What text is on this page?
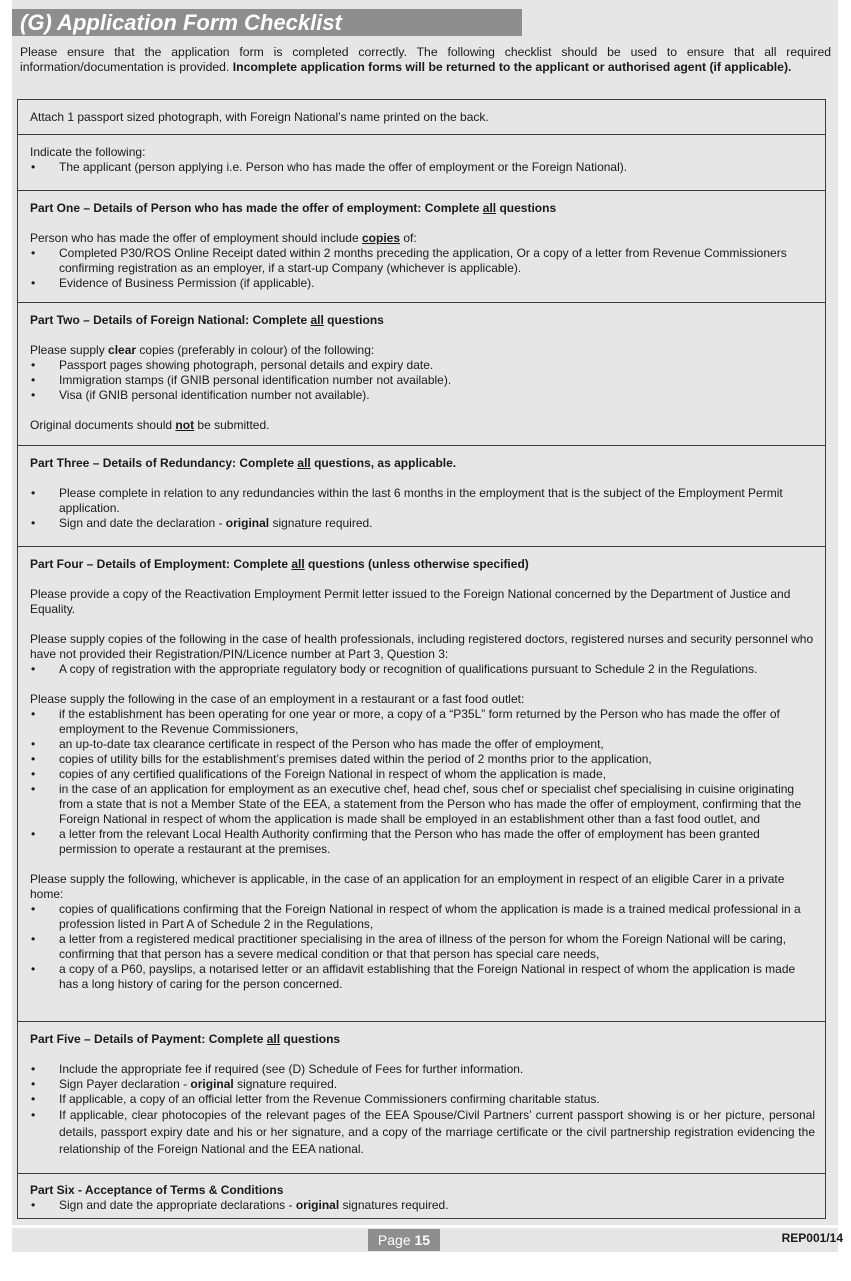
(G) Application Form Checklist
Please ensure that the application form is completed correctly. The following checklist should be used to ensure that all required information/documentation is provided. Incomplete application forms will be returned to the applicant or authorised agent (if applicable).

Attach 1 passport sized photograph, with Foreign National’s name printed on the back.

Indicate the following:

• The applicant (person applying i.e. Person who has made the offer of employment or the Foreign National).

Part One – Details of Person who has made the offer of employment: Complete all questions

Person who has made the offer of employment should include copies of:

• Completed P30/ROS Online Receipt dated within 2 months preceding the application, Or a copy of a letter from Revenue Commissioners confirming registration as an employer, if a start-up Company (whichever is applicable).
• Evidence of Business Permission (if applicable).

Part Two – Details of Foreign National: Complete all questions

Please supply clear copies (preferably in colour) of the following:

• Passport pages showing photograph, personal details and expiry date.
• Immigration stamps (if GNIB personal identification number not available).
• Visa (if GNIB personal identification number not available).

Original documents should not be submitted.

Part Three – Details of Redundancy: Complete all questions, as applicable.

• Please complete in relation to any redundancies within the last 6 months in the employment that is the subject of the Employment Permit application.
• Sign and date the declaration - original signature required.

Part Four – Details of Employment: Complete all questions (unless otherwise specified)

Please provide a copy of the Reactivation Employment Permit letter issued to the Foreign National concerned by the Department of Justice and Equality.

Please supply copies of the following in the case of health professionals, including registered doctors, registered nurses and security personnel who have not provided their Registration/PIN/Licence number at Part 3, Question 3:

• A copy of registration with the appropriate regulatory body or recognition of qualifications pursuant to Schedule 2 in the Regulations.

Please supply the following in the case of an employment in a restaurant or a fast food outlet:

• if the establishment has been operating for one year or more, a copy of a “P35L” form returned by the Person who has made the offer of employment to the Revenue Commissioners,
• an up-to-date tax clearance certificate in respect of the Person who has made the offer of employment,
• copies of utility bills for the establishment’s premises dated within the period of 2 months prior to the application,
• copies of any certified qualifications of the Foreign National in respect of whom the application is made,
• in the case of an application for employment as an executive chef, head chef, sous chef or specialist chef specialising in cuisine originating from a state that is not a Member State of the EEA, a statement from the Person who has made the offer of employment, confirming that the Foreign National in respect of whom the application is made shall be employed in an establishment other than a fast food outlet, and
• a letter from the relevant Local Health Authority confirming that the Person who has made the offer of employment has been granted permission to operate a restaurant at the premises.

Please supply the following, whichever is applicable, in the case of an application for an employment in respect of an eligible Carer in a private home:

• copies of qualifications confirming that the Foreign National in respect of whom the application is made is a trained medical professional in a profession listed in Part A of Schedule 2 in the Regulations,
• a letter from a registered medical practitioner specialising in the area of illness of the person for whom the Foreign National will be caring, confirming that that person has a severe medical condition or that that person has special care needs,
• a copy of a P60, payslips, a notarised letter or an affidavit establishing that the Foreign National in respect of whom the application is made has a long history of caring for the person concerned.

Part Five – Details of Payment: Complete all questions

• Include the appropriate fee if required (see (D) Schedule of Fees for further information.
• Sign Payer declaration - original signature required.
• If applicable, a copy of an official letter from the Revenue Commissioners confirming charitable status.
• If applicable, clear photocopies of the relevant pages of the EEA Spouse/Civil Partners’ current passport showing is or her picture, personal details, passport expiry date and his or her signature, and a copy of the marriage certificate or the civil partnership registration evidencing the relationship of the Foreign National and the EEA national.

Part Six - Acceptance of Terms & Conditions

• Sign and date the appropriate declarations - original signatures required.
Page 15	REP001/14
